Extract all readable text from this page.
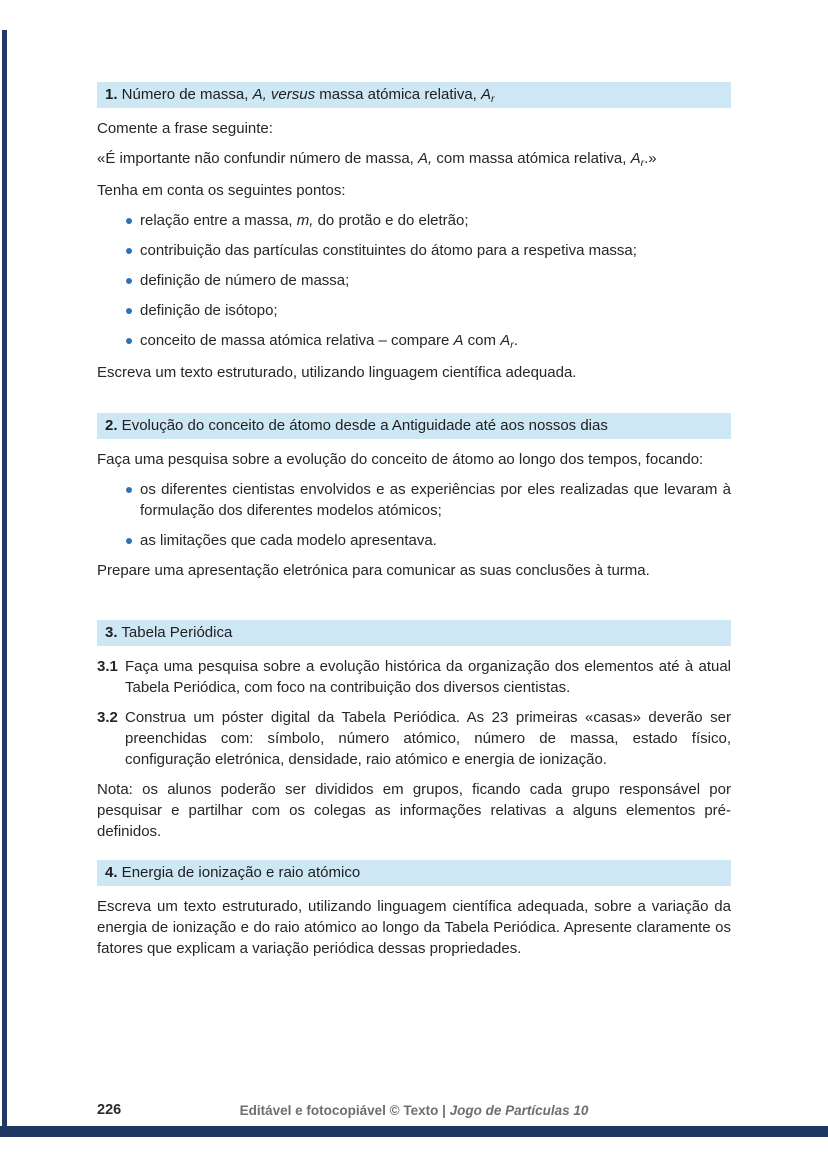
1. Número de massa, A, versus massa atómica relativa, $A_r$

Comente a frase seguinte:

«É importante não confundir número de massa, A, com massa atómica relativa, $A_r$.»

Tenha em conta os seguintes pontos:

relação entre a massa, m, do protão e do eletrão;
contribuição das partículas constituintes do átomo para a respetiva massa;
definição de número de massa;
definição de isótopo;
conceito de massa atómica relativa – compare A com $A_r$.

Escreva um texto estruturado, utilizando linguagem científica adequada.

2. Evolução do conceito de átomo desde a Antiguidade até aos nossos dias

Faça uma pesquisa sobre a evolução do conceito de átomo ao longo dos tempos, focando:

os diferentes cientistas envolvidos e as experiências por eles realizadas que levaram à formulação dos diferentes modelos atómicos;
as limitações que cada modelo apresentava.

Prepare uma apresentação eletrónica para comunicar as suas conclusões à turma.

3. Tabela Periódica
3.1 Faça uma pesquisa sobre a evolução histórica da organização dos elementos até à atual Tabela Periódica, com foco na contribuição dos diversos cientistas.
3.2 Construa um póster digital da Tabela Periódica. As 23 primeiras «casas» deverão ser preenchidas com: símbolo, número atómico, número de massa, estado físico, configuração eletrónica, densidade, raio atómico e energia de ionização.

Nota: os alunos poderão ser divididos em grupos, ficando cada grupo responsável por pesquisar e partilhar com os colegas as informações relativas a alguns elementos pré-definidos.

4. Energia de ionização e raio atómico

Escreva um texto estruturado, utilizando linguagem científica adequada, sobre a variação da energia de ionização e do raio atómico ao longo da Tabela Periódica. Apresente claramente os fatores que explicam a variação periódica dessas propriedades.

226	Editável e fotocopiável © Texto | Jogo de Partículas 10
